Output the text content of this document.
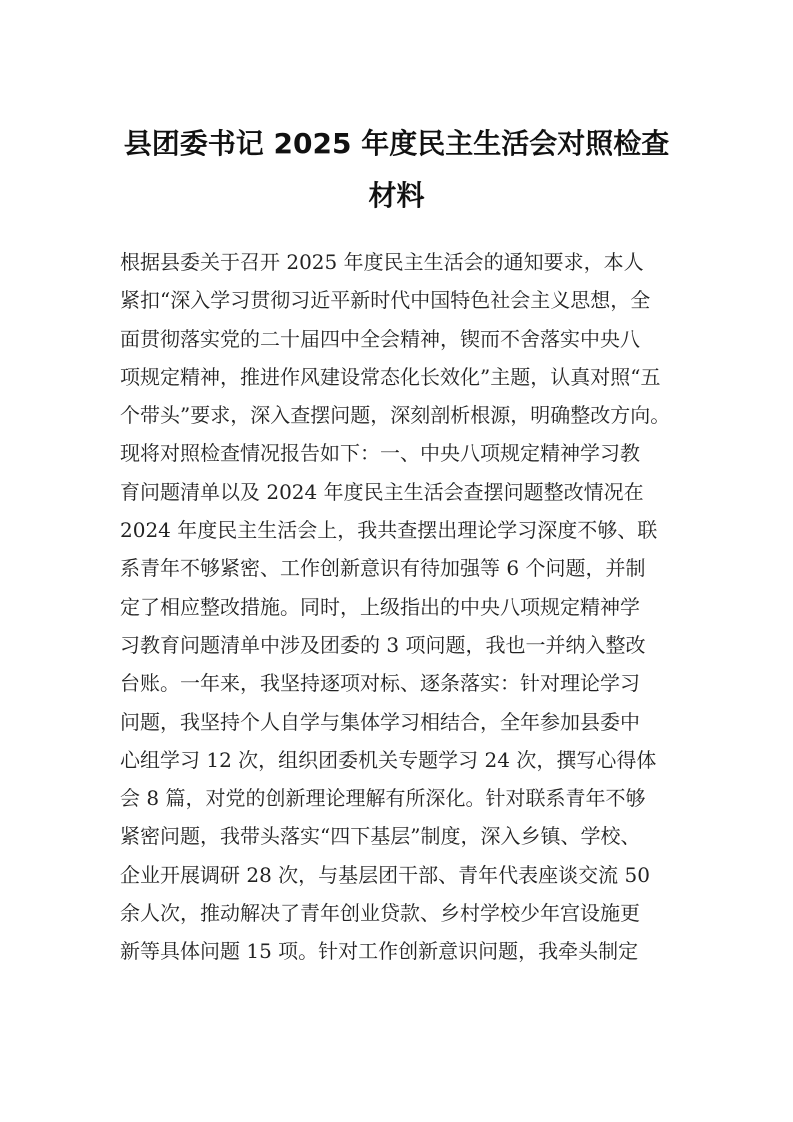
县团委书记 2025 年度民主生活会对照检查
材料
根据县委关于召开 2025 年度民主生活会的通知要求，本人
紧扣“深入学习贯彻习近平新时代中国特色社会主义思想，全
面贯彻落实党的二十届四中全会精神，锲而不舍落实中央八
项规定精神，推进作风建设常态化长效化”主题，认真对照“五
个带头”要求，深入查摆问题，深刻剖析根源，明确整改方向。
现将对照检查情况报告如下：一、中央八项规定精神学习教
育问题清单以及 2024 年度民主生活会查摆问题整改情况在
2024 年度民主生活会上，我共查摆出理论学习深度不够、联
系青年不够紧密、工作创新意识有待加强等 6 个问题，并制
定了相应整改措施。同时，上级指出的中央八项规定精神学
习教育问题清单中涉及团委的 3 项问题，我也一并纳入整改
台账。一年来，我坚持逐项对标、逐条落实：针对理论学习
问题，我坚持个人自学与集体学习相结合，全年参加县委中
心组学习 12 次，组织团委机关专题学习 24 次，撰写心得体
会 8 篇，对党的创新理论理解有所深化。针对联系青年不够
紧密问题，我带头落实“四下基层”制度，深入乡镇、学校、
企业开展调研 28 次，与基层团干部、青年代表座谈交流 50
余人次，推动解决了青年创业贷款、乡村学校少年宫设施更
新等具体问题 15 项。针对工作创新意识问题，我牵头制定
